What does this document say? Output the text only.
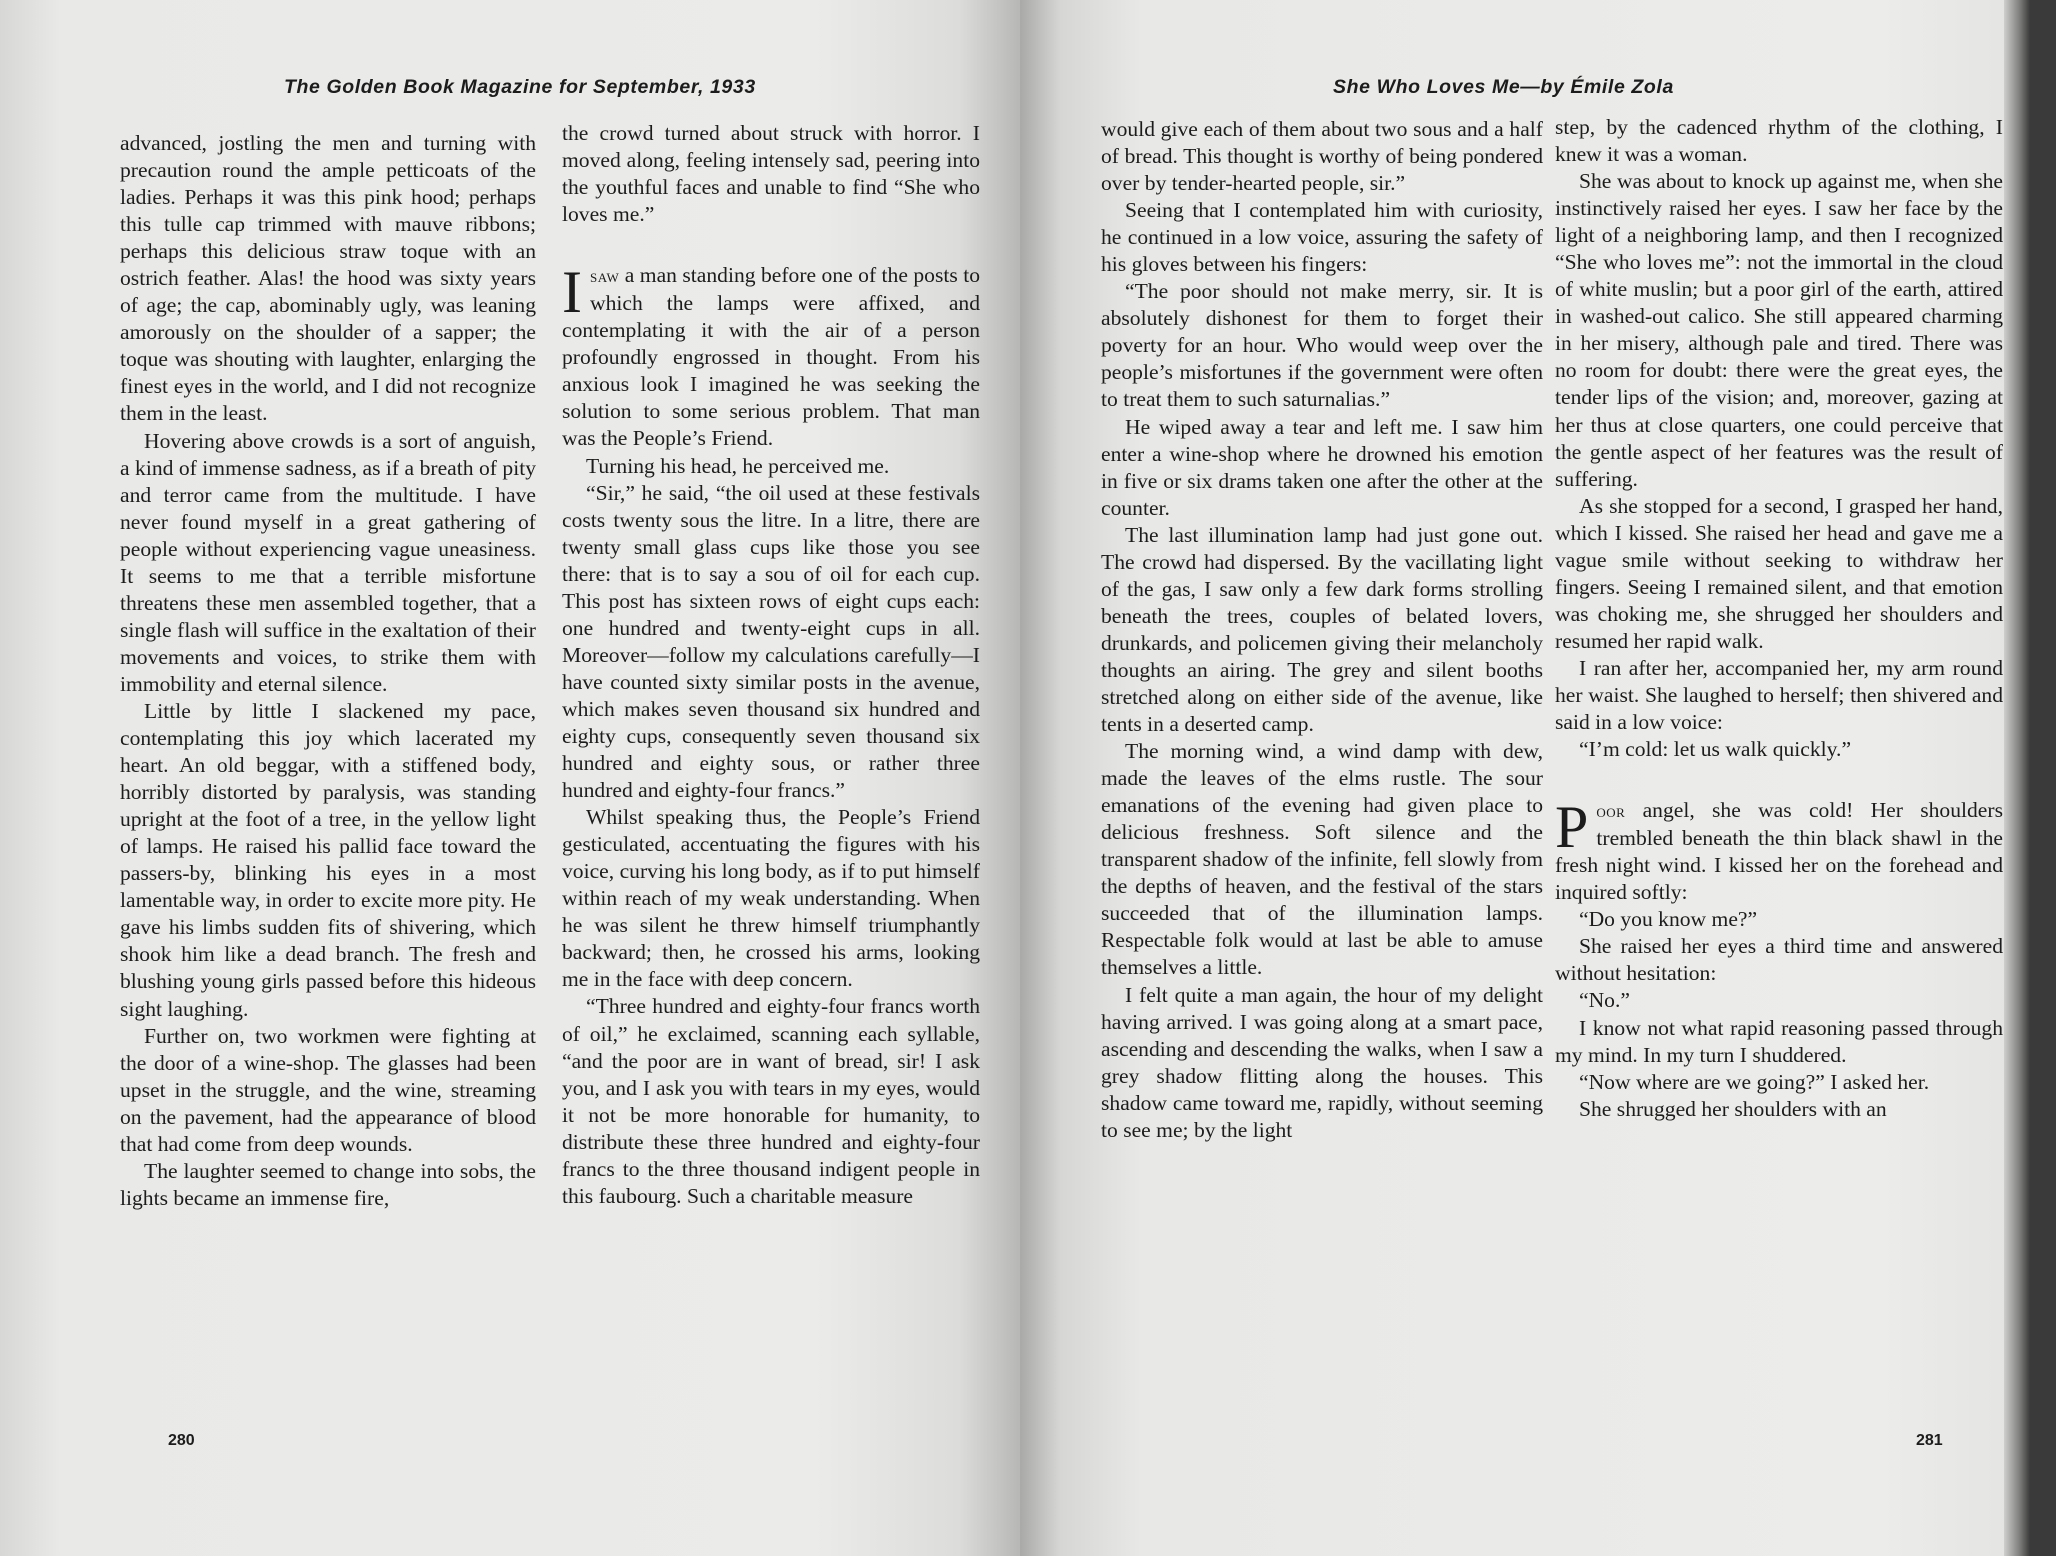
The Golden Book Magazine for September, 1933

advanced, jostling the men and turning with precaution round the ample petticoats of the ladies. Perhaps it was this pink hood; perhaps this tulle cap trimmed with mauve ribbons; perhaps this delicious straw toque with an ostrich feather. Alas! the hood was sixty years of age; the cap, abominably ugly, was leaning amorously on the shoulder of a sapper; the toque was shouting with laughter, enlarging the finest eyes in the world, and I did not recognize them in the least.

Hovering above crowds is a sort of anguish, a kind of immense sadness, as if a breath of pity and terror came from the multitude. I have never found myself in a great gathering of people without experiencing vague uneasiness. It seems to me that a terrible misfortune threatens these men assembled together, that a single flash will suffice in the exaltation of their movements and voices, to strike them with immobility and eternal silence.

Little by little I slackened my pace, contemplating this joy which lacerated my heart. An old beggar, with a stiffened body, horribly distorted by paralysis, was standing upright at the foot of a tree, in the yellow light of lamps. He raised his pallid face toward the passers-by, blinking his eyes in a most lamentable way, in order to excite more pity. He gave his limbs sudden fits of shivering, which shook him like a dead branch. The fresh and blushing young girls passed before this hideous sight laughing.

Further on, two workmen were fighting at the door of a wine-shop. The glasses had been upset in the struggle, and the wine, streaming on the pavement, had the appearance of blood that had come from deep wounds.

The laughter seemed to change into sobs, the lights became an immense fire,

the crowd turned about struck with horror. I moved along, feeling intensely sad, peering into the youthful faces and unable to find “She who loves me.”

Isaw a man standing before one of the posts to which the lamps were affixed, and contemplating it with the air of a person profoundly engrossed in thought. From his anxious look I imagined he was seeking the solution to some serious problem. That man was the People’s Friend.

Turning his head, he perceived me.

“Sir,” he said, “the oil used at these festivals costs twenty sous the litre. In a litre, there are twenty small glass cups like those you see there: that is to say a sou of oil for each cup. This post has sixteen rows of eight cups each: one hundred and twenty-eight cups in all. Moreover—follow my calculations carefully—I have counted sixty similar posts in the avenue, which makes seven thousand six hundred and eighty cups, consequently seven thousand six hundred and eighty sous, or rather three hundred and eighty-four francs.”

Whilst speaking thus, the People’s Friend gesticulated, accentuating the figures with his voice, curving his long body, as if to put himself within reach of my weak understanding. When he was silent he threw himself triumphantly backward; then, he crossed his arms, looking me in the face with deep concern.

“Three hundred and eighty-four francs worth of oil,” he exclaimed, scanning each syllable, “and the poor are in want of bread, sir! I ask you, and I ask you with tears in my eyes, would it not be more honorable for humanity, to distribute these three hundred and eighty-four francs to the three thousand indigent people in this faubourg. Such a charitable measure

280
She Who Loves Me—by Émile Zola

would give each of them about two sous and a half of bread. This thought is worthy of being pondered over by tender-hearted people, sir.”

Seeing that I contemplated him with curiosity, he continued in a low voice, assuring the safety of his gloves between his fingers:

“The poor should not make merry, sir. It is absolutely dishonest for them to forget their poverty for an hour. Who would weep over the people’s misfortunes if the government were often to treat them to such saturnalias.”

He wiped away a tear and left me. I saw him enter a wine-shop where he drowned his emotion in five or six drams taken one after the other at the counter.

The last illumination lamp had just gone out. The crowd had dispersed. By the vacillating light of the gas, I saw only a few dark forms strolling beneath the trees, couples of belated lovers, drunkards, and policemen giving their melancholy thoughts an airing. The grey and silent booths stretched along on either side of the avenue, like tents in a deserted camp.

The morning wind, a wind damp with dew, made the leaves of the elms rustle. The sour emanations of the evening had given place to delicious freshness. Soft silence and the transparent shadow of the infinite, fell slowly from the depths of heaven, and the festival of the stars succeeded that of the illumination lamps. Respectable folk would at last be able to amuse themselves a little.

I felt quite a man again, the hour of my delight having arrived. I was going along at a smart pace, ascending and descending the walks, when I saw a grey shadow flitting along the houses. This shadow came toward me, rapidly, without seeming to see me; by the light

step, by the cadenced rhythm of the clothing, I knew it was a woman.

She was about to knock up against me, when she instinctively raised her eyes. I saw her face by the light of a neighboring lamp, and then I recognized “She who loves me”: not the immortal in the cloud of white muslin; but a poor girl of the earth, attired in washed-out calico. She still appeared charming in her misery, although pale and tired. There was no room for doubt: there were the great eyes, the tender lips of the vision; and, moreover, gazing at her thus at close quarters, one could perceive that the gentle aspect of her features was the result of suffering.

As she stopped for a second, I grasped her hand, which I kissed. She raised her head and gave me a vague smile without seeking to withdraw her fingers. Seeing I remained silent, and that emotion was choking me, she shrugged her shoulders and resumed her rapid walk.

I ran after her, accompanied her, my arm round her waist. She laughed to herself; then shivered and said in a low voice:

“I’m cold: let us walk quickly.”

Poor angel, she was cold! Her shoulders trembled beneath the thin black shawl in the fresh night wind. I kissed her on the forehead and inquired softly:

“Do you know me?”

She raised her eyes a third time and answered without hesitation:

“No.”

I know not what rapid reasoning passed through my mind. In my turn I shuddered.

“Now where are we going?” I asked her.

She shrugged her shoulders with an

281
